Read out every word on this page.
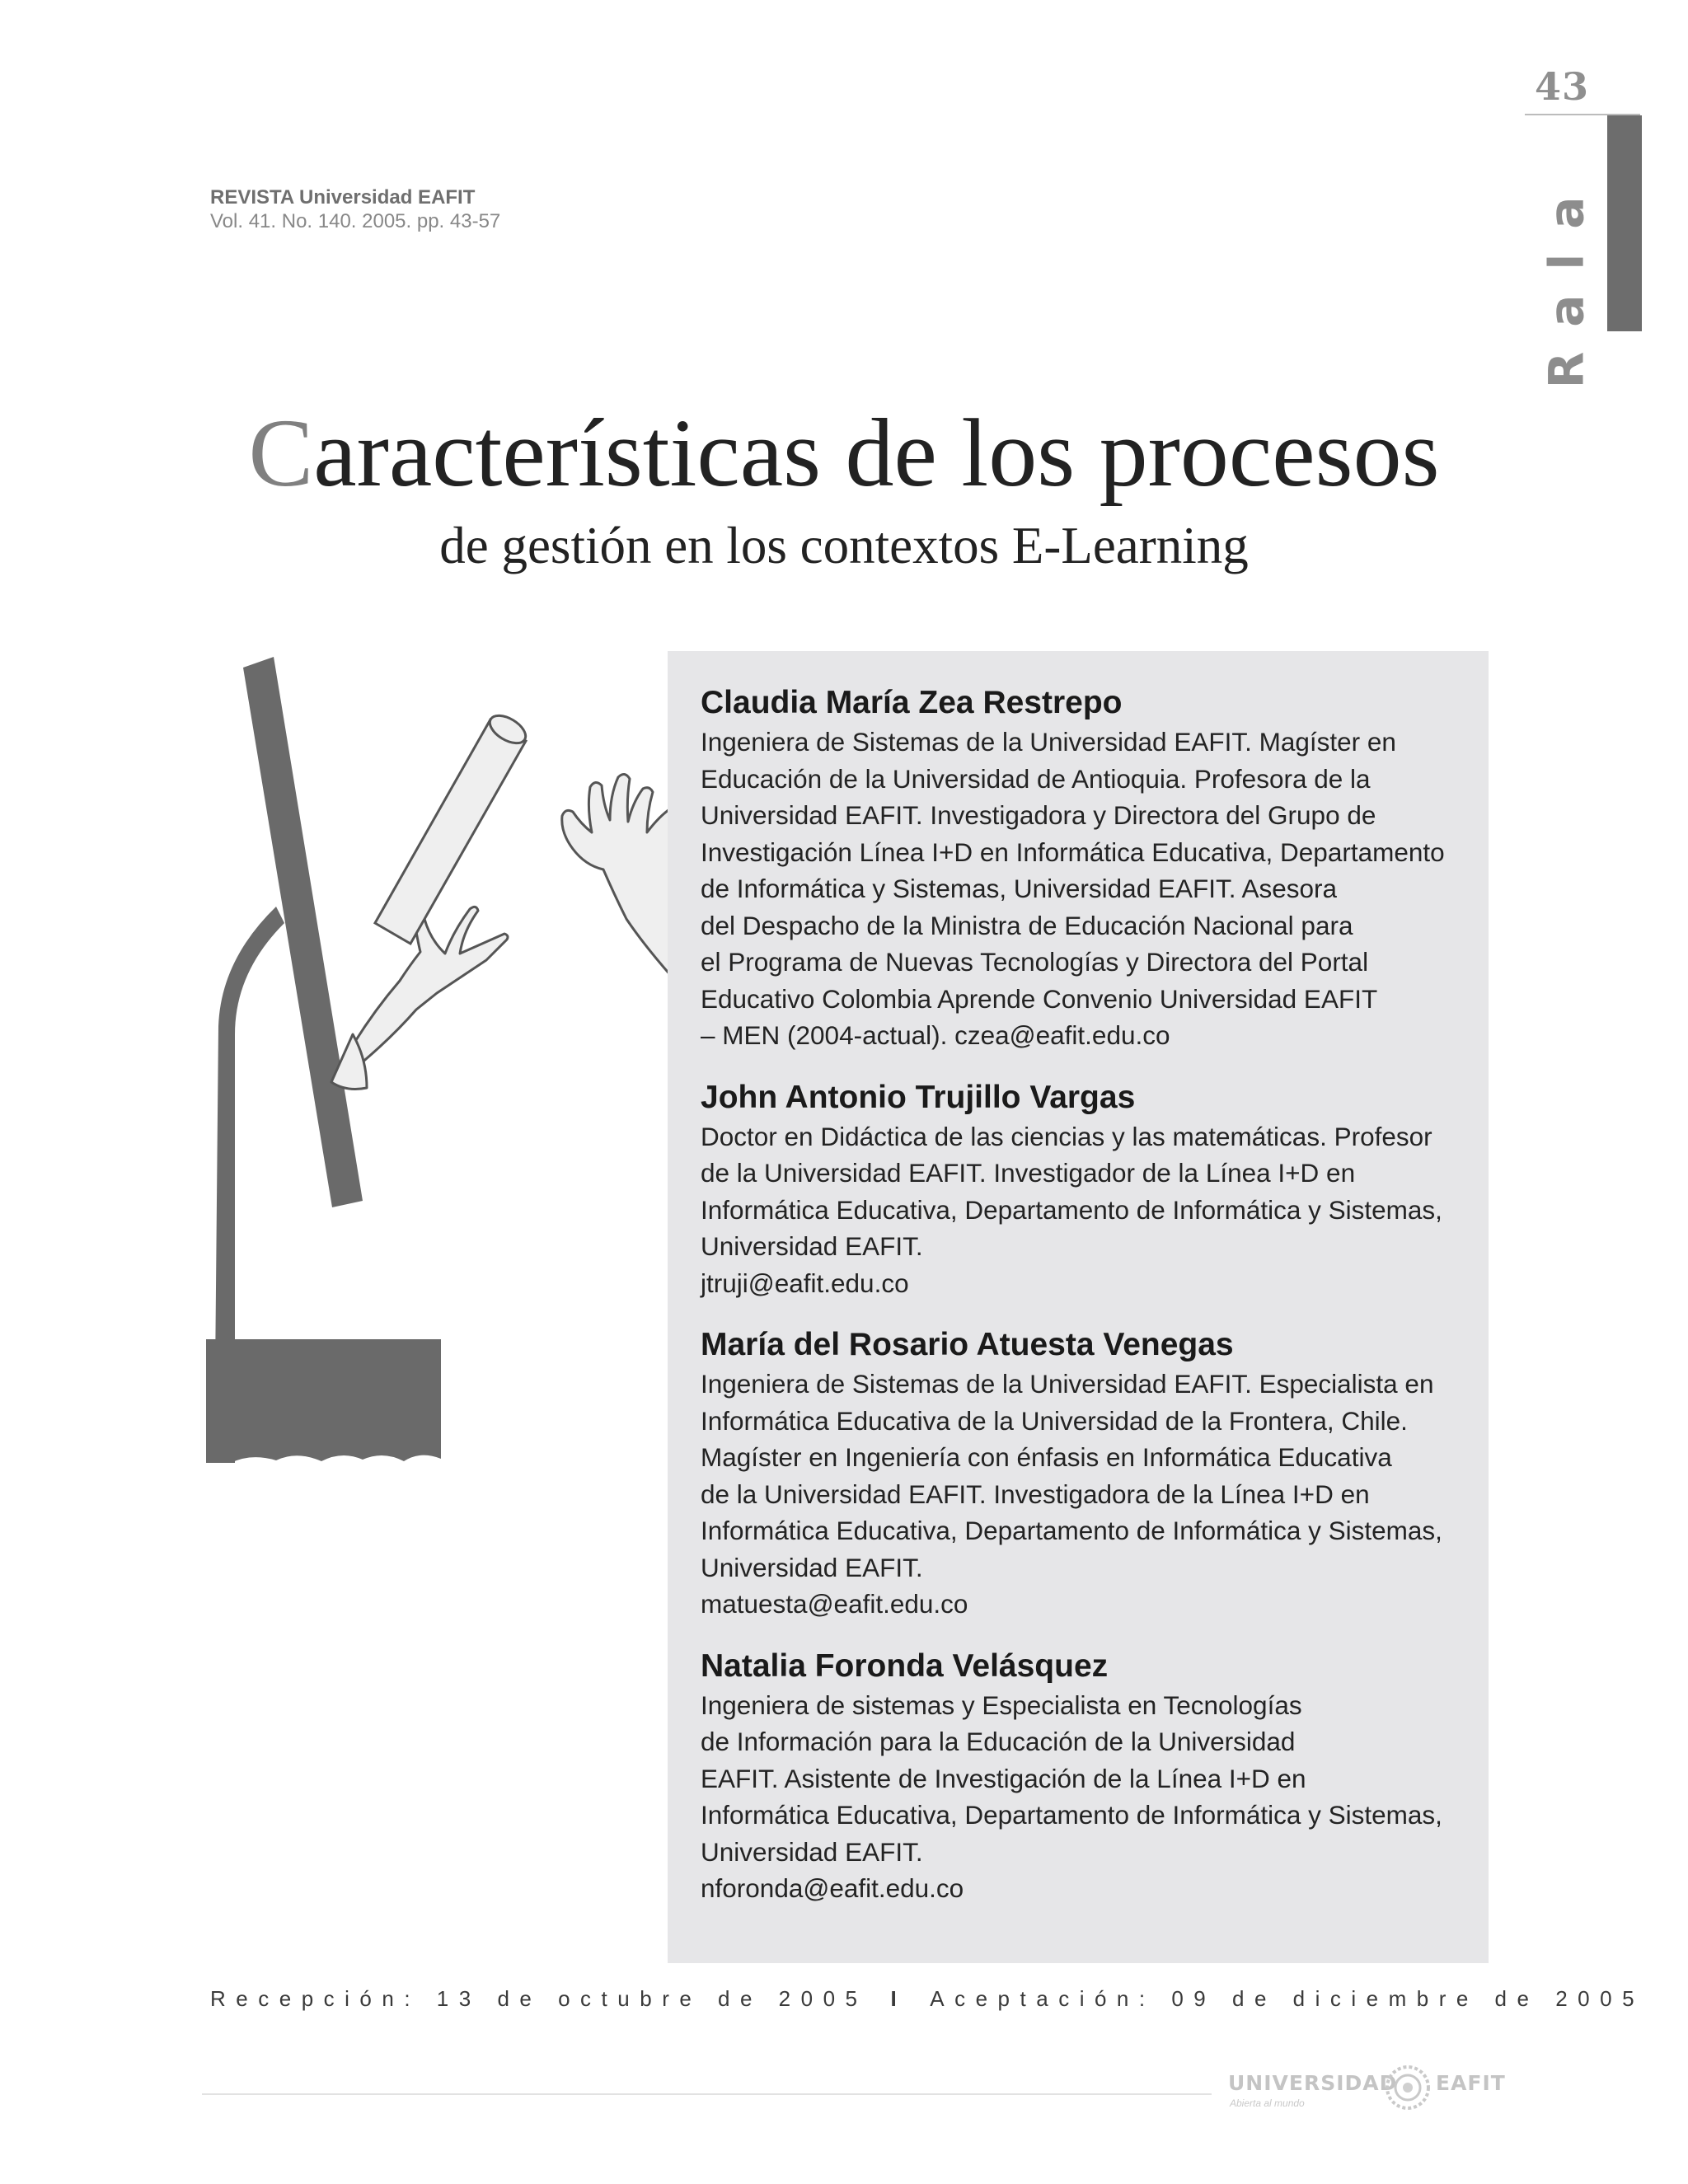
43
Rala
REVISTA Universidad EAFIT
Vol. 41. No. 140. 2005. pp. 43-57
Características de los procesos
de gestión en los contextos E-Learning
Claudia María Zea Restrepo
Ingeniera de Sistemas de la Universidad EAFIT. Magíster en
Educación de la Universidad de Antioquia. Profesora de la
Universidad EAFIT. Investigadora y Directora del Grupo de
Investigación Línea I+D en Informática Educativa, Departamento
de Informática y Sistemas, Universidad EAFIT. Asesora
del Despacho de la Ministra de Educación Nacional para
el Programa de Nuevas Tecnologías y Directora del Portal
Educativo Colombia Aprende Convenio Universidad EAFIT
– MEN (2004-actual). czea@eafit.edu.co
John Antonio Trujillo Vargas
Doctor en Didáctica de las ciencias y las matemáticas. Profesor
de la Universidad EAFIT. Investigador de la Línea I+D en
Informática Educativa, Departamento de Informática y Sistemas,
Universidad EAFIT.
jtruji@eafit.edu.co
María del Rosario Atuesta Venegas
Ingeniera de Sistemas de la Universidad EAFIT. Especialista en
Informática Educativa de la Universidad de la Frontera, Chile.
Magíster en Ingeniería con énfasis en Informática Educativa
de la Universidad EAFIT. Investigadora de la Línea I+D en
Informática Educativa, Departamento de Informática y Sistemas,
Universidad EAFIT.
matuesta@eafit.edu.co
Natalia Foronda Velásquez
Ingeniera de sistemas y Especialista en Tecnologías
de Información para la Educación de la Universidad
EAFIT. Asistente de Investigación de la Línea I+D en
Informática Educativa, Departamento de Informática y Sistemas,
Universidad EAFIT.
nforonda@eafit.edu.co
Recepción: 13 de octubre de 2005 I Aceptación: 09 de diciembre de 2005
UNIVERSIDAD EAFIT
Abierta al mundo
